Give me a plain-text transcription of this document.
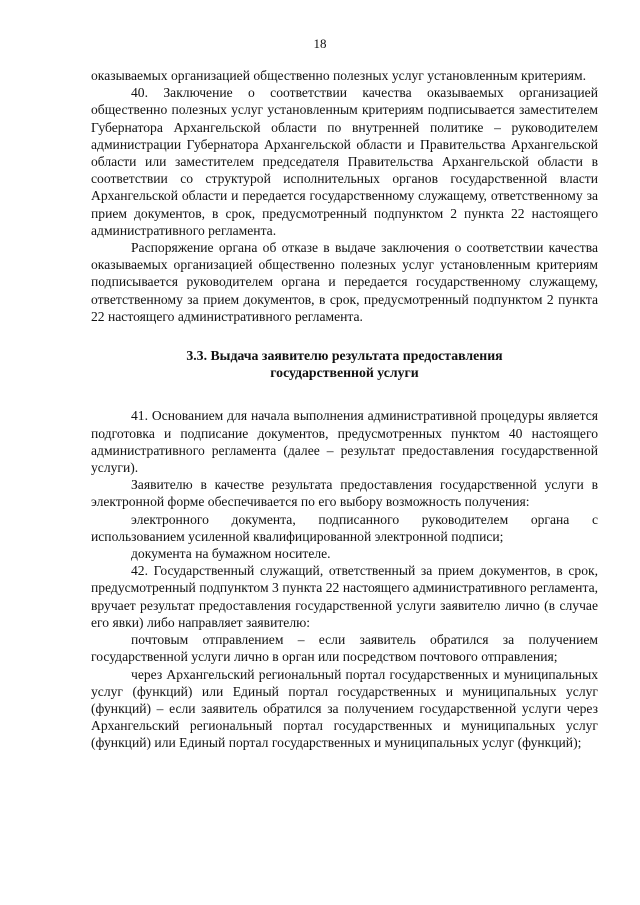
18

оказываемых организацией общественно полезных услуг установленным критериям.

40. Заключение о соответствии качества оказываемых организацией общественно полезных услуг установленным критериям подписывается заместителем Губернатора Архангельской области по внутренней политике – руководителем администрации Губернатора Архангельской области и Правительства Архангельской области или заместителем председателя Правительства Архангельской области в соответствии со структурой исполнительных органов государственной власти Архангельской области и передается государственному служащему, ответственному за прием документов, в срок, предусмотренный подпунктом 2 пункта 22 настоящего административного регламента.

Распоряжение органа об отказе в выдаче заключения о соответствии качества оказываемых организацией общественно полезных услуг установленным критериям подписывается руководителем органа и передается государственному служащему, ответственному за прием документов, в срок, предусмотренный подпунктом 2 пункта 22 настоящего административного регламента.

3.3. Выдача заявителю результата предоставления
государственной услуги

41. Основанием для начала выполнения административной процедуры является подготовка и подписание документов, предусмотренных пунктом 40 настоящего административного регламента (далее – результат предоставления государственной услуги).

Заявителю в качестве результата предоставления государственной услуги в электронной форме обеспечивается по его выбору возможность получения:

электронного документа, подписанного руководителем органа с использованием усиленной квалифицированной электронной подписи;

документа на бумажном носителе.

42. Государственный служащий, ответственный за прием документов, в срок, предусмотренный подпунктом 3 пункта 22 настоящего административного регламента, вручает результат предоставления государственной услуги заявителю лично (в случае его явки) либо направляет заявителю:

почтовым отправлением – если заявитель обратился за получением государственной услуги лично в орган или посредством почтового отправления;

через Архангельский региональный портал государственных и муниципальных услуг (функций) или Единый портал государственных и муниципальных услуг (функций) – если заявитель обратился за получением государственной услуги через Архангельский региональный портал государственных и муниципальных услуг (функций) или Единый портал государственных и муниципальных услуг (функций);
